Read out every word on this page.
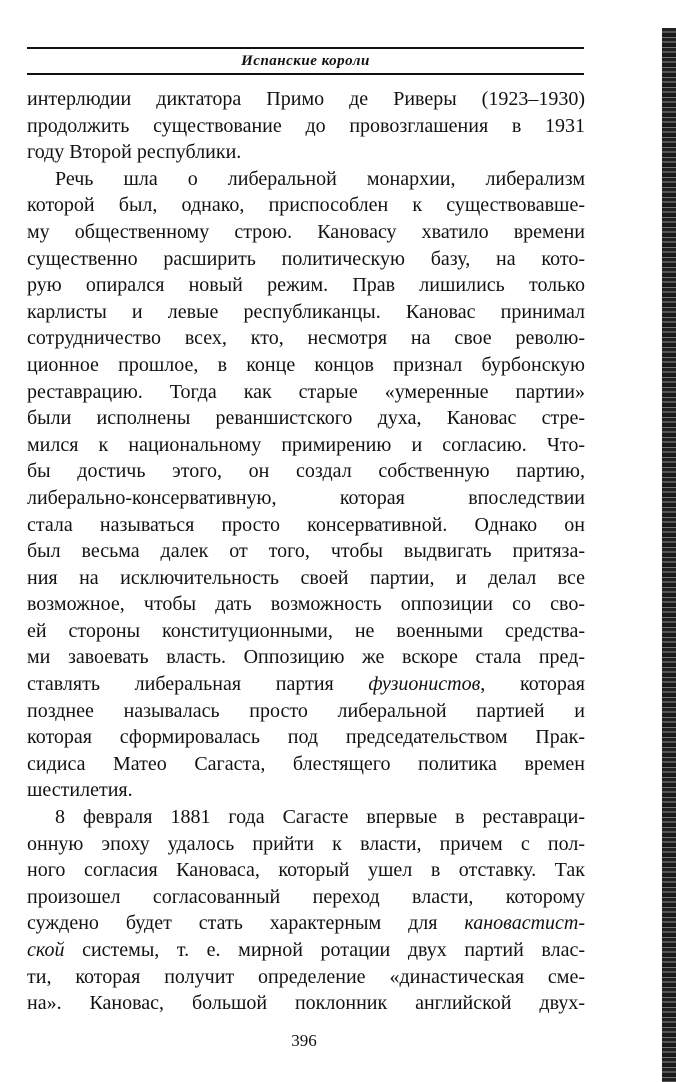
Испанские короли
интерлюдии диктатора Примо де Риверы (1923–1930)
продолжить существование до провозглашения в 1931
году Второй республики.
Речь шла о либеральной монархии, либерализм
которой был, однако, приспособлен к существовавше-
му общественному строю. Кановасу хватило времени
существенно расширить политическую базу, на кото-
рую опирался новый режим. Прав лишились только
карлисты и левые республиканцы. Кановас принимал
сотрудничество всех, кто, несмотря на свое револю-
ционное прошлое, в конце концов признал бурбонскую
реставрацию. Тогда как старые «умеренные партии»
были исполнены реваншистского духа, Кановас стре-
мился к национальному примирению и согласию. Что-
бы достичь этого, он создал собственную партию,
либерально-консервативную, которая впоследствии
стала называться просто консервативной. Однако он
был весьма далек от того, чтобы выдвигать притяза-
ния на исключительность своей партии, и делал все
возможное, чтобы дать возможность оппозиции со сво-
ей стороны конституционными, не военными средства-
ми завоевать власть. Оппозицию же вскоре стала пред-
ставлять либеральная партия фузионистов, которая
позднее называлась просто либеральной партией и
которая сформировалась под председательством Прак-
сидиса Матео Сагаста, блестящего политика времен
шестилетия.
8 февраля 1881 года Сагасте впервые в реставраци-
онную эпоху удалось прийти к власти, причем с пол-
ного согласия Кановаса, который ушел в отставку. Так
произошел согласованный переход власти, которому
суждено будет стать характерным для кановастист-
ской системы, т. е. мирной ротации двух партий влас-
ти, которая получит определение «династическая сме-
на». Кановас, большой поклонник английской двух-
396
